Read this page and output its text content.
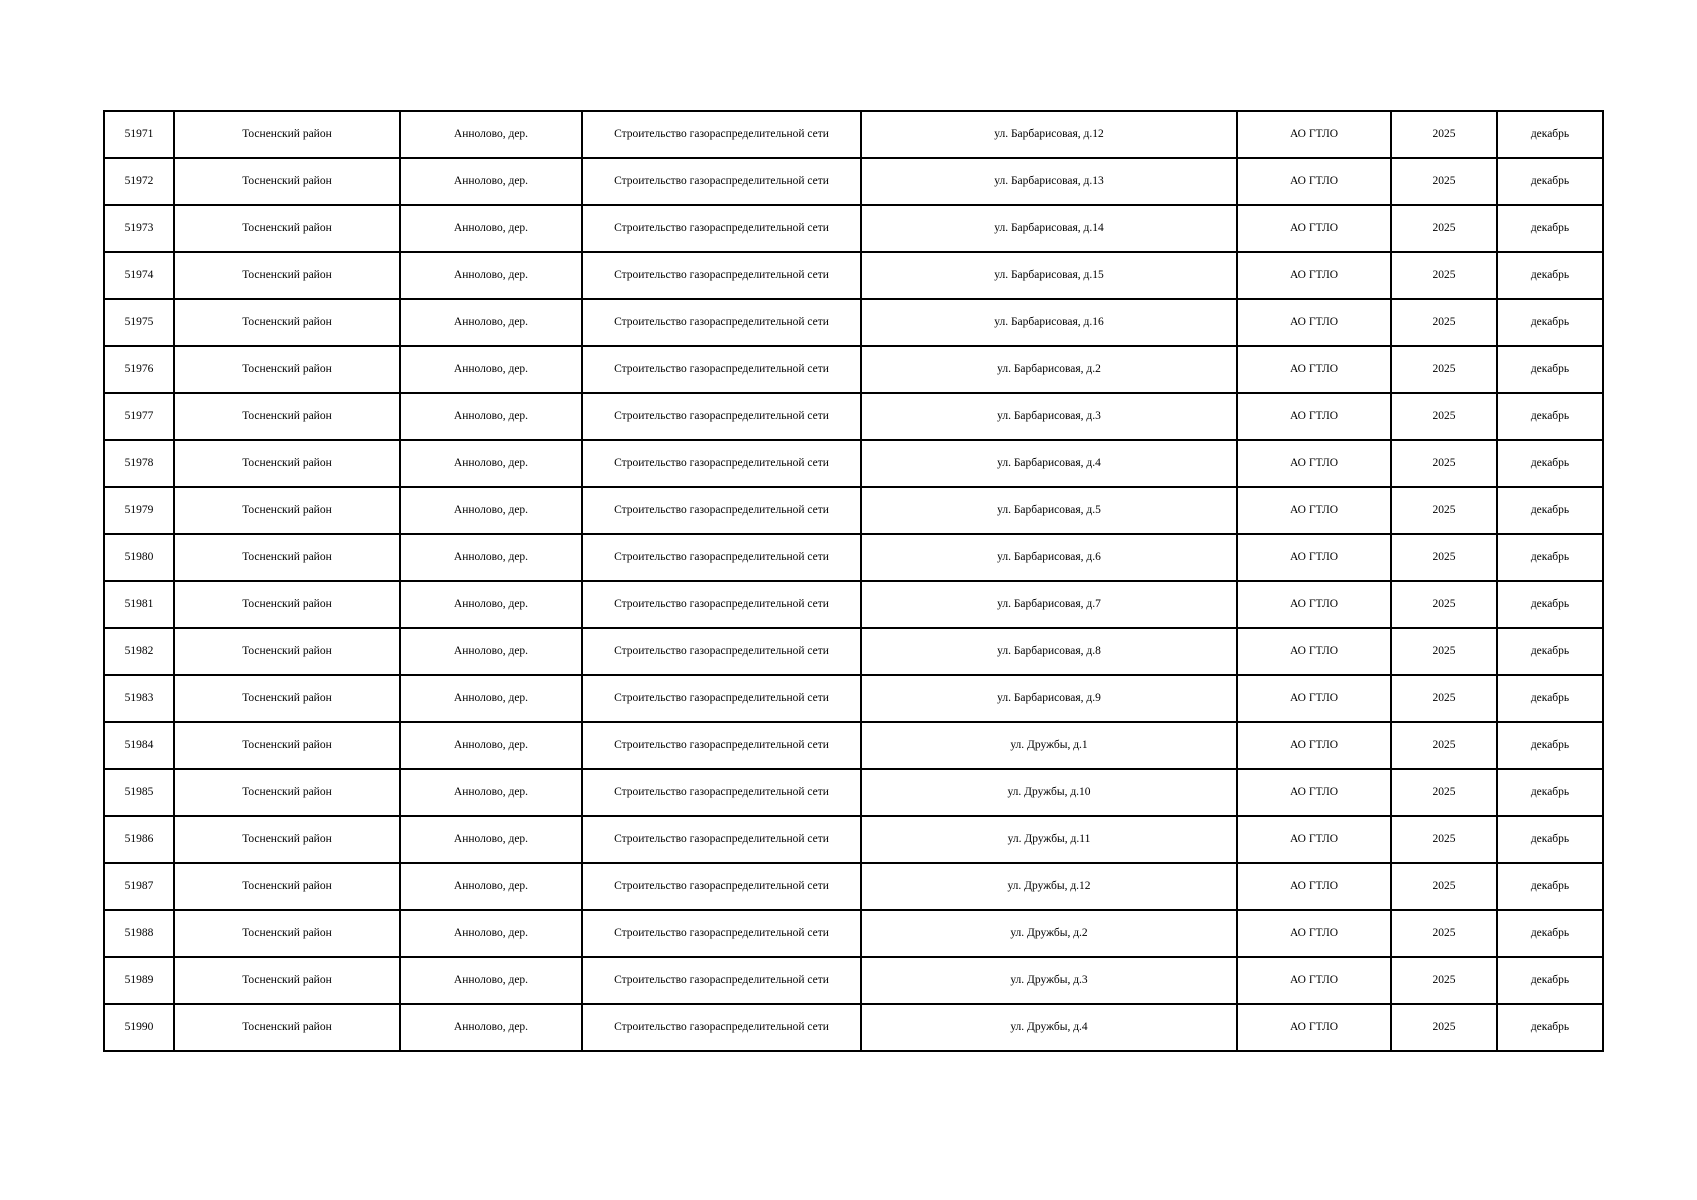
51971	Тосненский район	Аннолово, дер.	Строительство газораспределительной сети	ул. Барбарисовая, д.12	АО ГТЛО	2025	декабрь
51972	Тосненский район	Аннолово, дер.	Строительство газораспределительной сети	ул. Барбарисовая, д.13	АО ГТЛО	2025	декабрь
51973	Тосненский район	Аннолово, дер.	Строительство газораспределительной сети	ул. Барбарисовая, д.14	АО ГТЛО	2025	декабрь
51974	Тосненский район	Аннолово, дер.	Строительство газораспределительной сети	ул. Барбарисовая, д.15	АО ГТЛО	2025	декабрь
51975	Тосненский район	Аннолово, дер.	Строительство газораспределительной сети	ул. Барбарисовая, д.16	АО ГТЛО	2025	декабрь
51976	Тосненский район	Аннолово, дер.	Строительство газораспределительной сети	ул. Барбарисовая, д.2	АО ГТЛО	2025	декабрь
51977	Тосненский район	Аннолово, дер.	Строительство газораспределительной сети	ул. Барбарисовая, д.3	АО ГТЛО	2025	декабрь
51978	Тосненский район	Аннолово, дер.	Строительство газораспределительной сети	ул. Барбарисовая, д.4	АО ГТЛО	2025	декабрь
51979	Тосненский район	Аннолово, дер.	Строительство газораспределительной сети	ул. Барбарисовая, д.5	АО ГТЛО	2025	декабрь
51980	Тосненский район	Аннолово, дер.	Строительство газораспределительной сети	ул. Барбарисовая, д.6	АО ГТЛО	2025	декабрь
51981	Тосненский район	Аннолово, дер.	Строительство газораспределительной сети	ул. Барбарисовая, д.7	АО ГТЛО	2025	декабрь
51982	Тосненский район	Аннолово, дер.	Строительство газораспределительной сети	ул. Барбарисовая, д.8	АО ГТЛО	2025	декабрь
51983	Тосненский район	Аннолово, дер.	Строительство газораспределительной сети	ул. Барбарисовая, д.9	АО ГТЛО	2025	декабрь
51984	Тосненский район	Аннолово, дер.	Строительство газораспределительной сети	ул. Дружбы, д.1	АО ГТЛО	2025	декабрь
51985	Тосненский район	Аннолово, дер.	Строительство газораспределительной сети	ул. Дружбы, д.10	АО ГТЛО	2025	декабрь
51986	Тосненский район	Аннолово, дер.	Строительство газораспределительной сети	ул. Дружбы, д.11	АО ГТЛО	2025	декабрь
51987	Тосненский район	Аннолово, дер.	Строительство газораспределительной сети	ул. Дружбы, д.12	АО ГТЛО	2025	декабрь
51988	Тосненский район	Аннолово, дер.	Строительство газораспределительной сети	ул. Дружбы, д.2	АО ГТЛО	2025	декабрь
51989	Тосненский район	Аннолово, дер.	Строительство газораспределительной сети	ул. Дружбы, д.3	АО ГТЛО	2025	декабрь
51990	Тосненский район	Аннолово, дер.	Строительство газораспределительной сети	ул. Дружбы, д.4	АО ГТЛО	2025	декабрь
